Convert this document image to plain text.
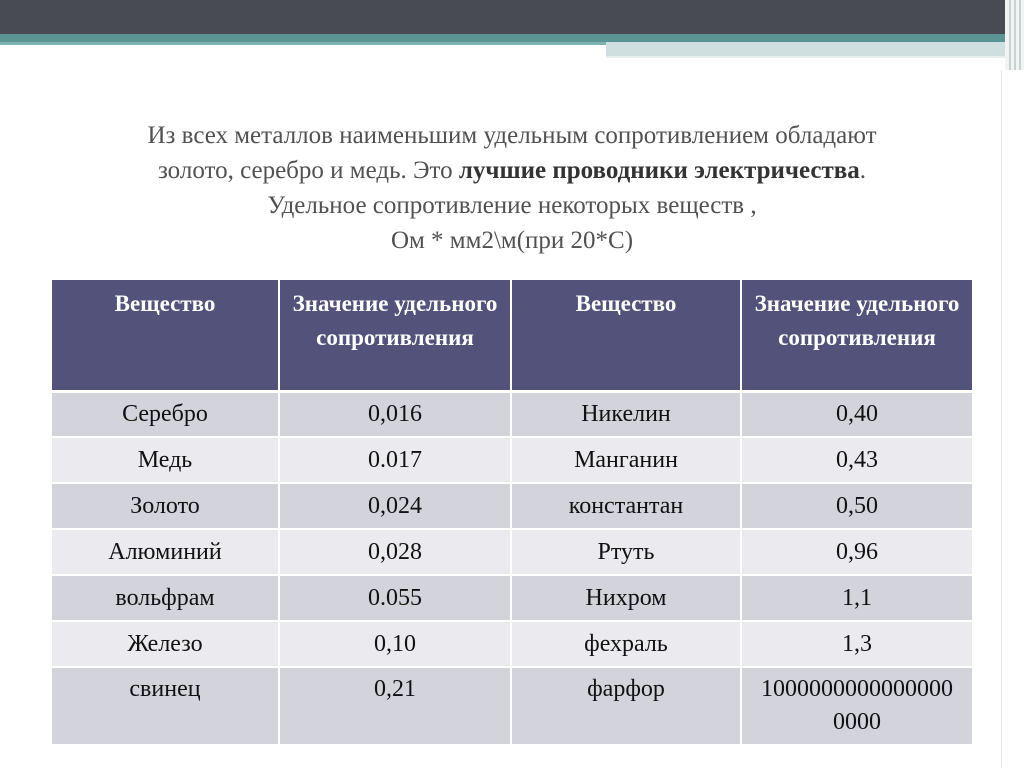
Из всех металлов наименьшим удельным сопротивлением обладают
золото, серебро и медь. Это лучшие проводники электричества.
Удельное сопротивление некоторых веществ ,
Ом * мм2\м(при 20*С)
Вещество	Значение удельного сопротивления	Вещество	Значение удельного сопротивления
Серебро	0,016	Никелин	0,40
Медь	0.017	Манганин	0,43
Золото	0,024	константан	0,50
Алюминий	0,028	Ртуть	0,96
вольфрам	0.055	Нихром	1,1
Железо	0,10	фехраль	1,3
свинец	0,21	фарфор	10000000000000000000
